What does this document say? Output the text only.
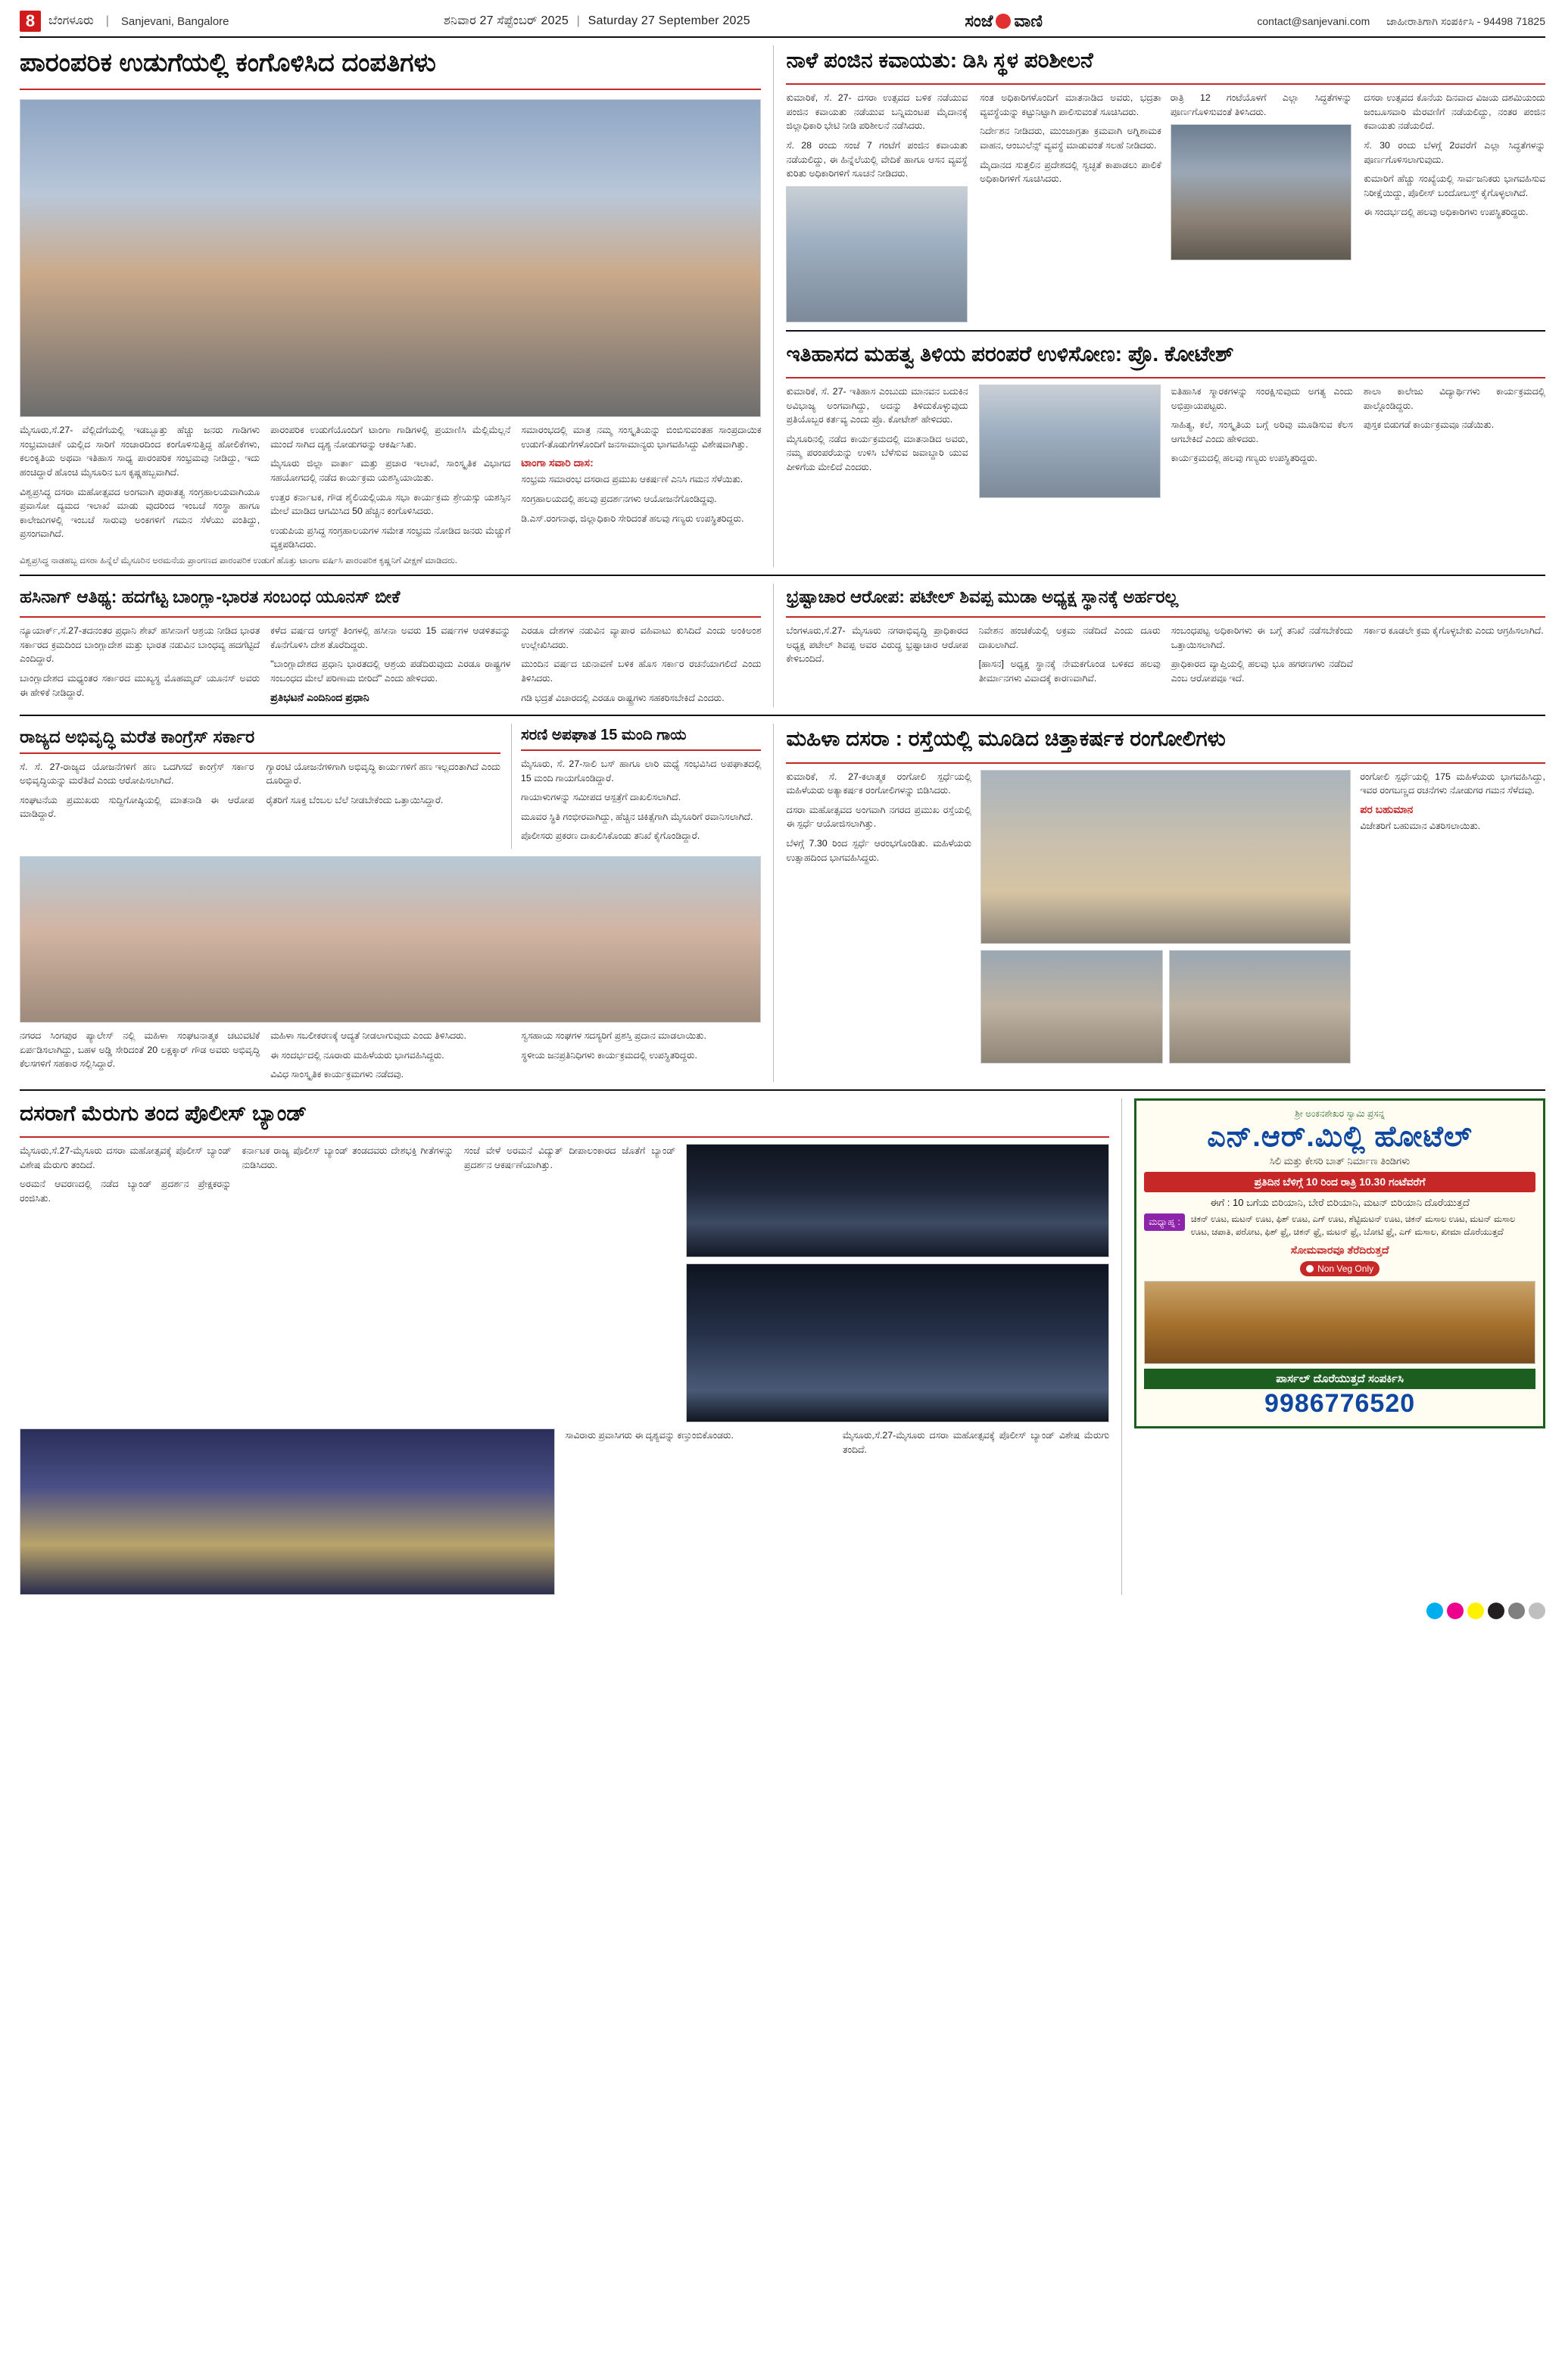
8	ಬೆಂಗಳೂರು | Sanjevani, Bangalore	ಶನಿವಾರ 27 ಸೆಪ್ಟೆಂಬರ್ 2025 | Saturday 27 September 2025	ಸಂಜೆ ವಾಣಿ	contact@sanjevani.com ಜಾಹೀರಾತಿಗಾಗಿ ಸಂಪರ್ಕಿಸಿ - 94498 71825
ಪಾರಂಪರಿಕ ಉಡುಗೆಯಲ್ಲಿ ಕಂಗೊಳಿಸಿದ ದಂಪತಿಗಳು

ಮೈಸೂರು,ಸೆ.27- ವೆಲ್ಲಿದೆಗೆಯಲ್ಲಿ ಇಡಬ್ಬೂತ್ತು ಹೆಚ್ಚು ಜನರು ಗಾಡಿಗಳು ಸಂಭ್ರಮಾಚಣೆ ಯಲ್ಲಿದ ಸಾರಿಗೆ ಸಂಚಾರದಿಂದ ಕಂಗೊಳಿಸುತ್ತಿದ್ದ ಹೋಲಿಕೆಗಳು, ಕಲಂಕೃತಿಯ ಅಥವಾ ಇತಿಹಾಸ ಸಾಧ್ಯ ಪಾರಂಪರಿಕ ಸಂಭ್ರಮವು ನೀಡಿದ್ದು, ಇದು ಹಂಚಿದ್ದಾರೆ ಹೊಂಚಿ ಮೈಸೂರಿನ ಬಸ ಕೃಷ್ಣಹಬ್ಬವಾಗಿದೆ.

ವಿಶ್ವಪ್ರಸಿದ್ಧ ದಸರಾ ಮಹೋತ್ಸವದ ಅಂಗವಾಗಿ ಪುರಾತತ್ವ ಸಂಗ್ರಹಾಲಯವಾಗಿಯೂ ಪ್ರವಾಸೋ ದ್ಯಮದ ಇಲಾಖೆ ಮಾಡು ವುದರಿಂದ ಇಂಬಚೆ ಸಂಸ್ಥಾ ಹಾಗೂ ಕಾಲೇಜುಗಳಲ್ಲಿ ಇಂಬಚೆ ಸಾರುವು ಅಂಕಗಳಿಗೆ ಗಮನ ಸೆಳೆಯು ವಂತಿದ್ದು, ಪ್ರಸಂಗವಾಗಿದೆ.

ಪಾರಂಪರಿಕ ಉಡುಗೆಯೊಂದಿಗೆ ಟಾಂಗಾ ಗಾಡಿಗಳಲ್ಲಿ ಪ್ರಯಾಣಿಸಿ ಮೆಲ್ಲಿಮೆಲ್ಲನೆ ಮುಂದೆ ಸಾಗಿದ ದೃಶ್ಯ ನೋಡುಗರನ್ನು ಆಕರ್ಷಿಸಿತು.

ಮೈಸೂರು ಜಿಲ್ಲಾ ವಾರ್ತಾ ಮತ್ತು ಪ್ರಚಾರ ಇಲಾಖೆ, ಸಾಂಸ್ಕೃತಿಕ ವಿಭಾಗದ ಸಹಯೋಗದಲ್ಲಿ ನಡೆದ ಕಾರ್ಯಕ್ರಮ ಯಶಸ್ವಿಯಾಯಿತು.

ಉತ್ತರ ಕರ್ನಾಟಕ, ಗೌಡ ಶೈಲಿಯಲ್ಲಿಯೂ ಸಭಾ ಕಾರ್ಯಕ್ರಮ ಶ್ರೇಯಸ್ಸು ಯಶಸ್ಸಿನ ಮೇಲೆ ಮಾಡಿದ ಆಗಮಿಸಿದ 50 ಹೆಚ್ಚಿನ ಕಂಗೊಳಿಸಿದರು.

ಉಡುಪಿಯ ಪ್ರಸಿದ್ಧ ಸಂಗ್ರಹಾಲಯಗಳ ಸಮೇತ ಸಂಭ್ರಮ ನೋಡಿದ ಜನರು ಮೆಚ್ಚುಗೆ ವ್ಯಕ್ತಪಡಿಸಿದರು.

ಸಮಾರಂಭದಲ್ಲಿ ಮಾತ್ರ ನಮ್ಮ ಸಂಸ್ಕೃತಿಯನ್ನು ಬಿಂಬಿಸುವಂತಹ ಸಾಂಪ್ರದಾಯಿಕ ಉಡುಗೆ-ತೊಡುಗೆಗಳೊಂದಿಗೆ ಜನಸಾಮಾನ್ಯರು ಭಾಗವಹಿಸಿದ್ದು ವಿಶೇಷವಾಗಿತ್ತು.

ಟಾಂಗಾ ಸವಾರಿ ದಾಸ:

ಸಂಭ್ರಮ ಸಮಾರಂಭ ದಸರಾದ ಪ್ರಮುಖ ಆಕರ್ಷಣೆ ಎನಿಸಿ ಗಮನ ಸೆಳೆಯಿತು.

ಸಂಗ್ರಹಾಲಯದಲ್ಲಿ ಹಲವು ಪ್ರದರ್ಶನಗಳು ಆಯೋಜನೆಗೊಂಡಿದ್ದವು.

ಡಿ.ಎಸ್.ರಂಗನಾಥ, ಜಿಲ್ಲಾಧಿಕಾರಿ ಸೇರಿದಂತೆ ಹಲವು ಗಣ್ಯರು ಉಪಸ್ಥಿತರಿದ್ದರು.

ವಿಶ್ವಪ್ರಸಿದ್ಧ ನಾಡಹಬ್ಬ ದಸರಾ ಹಿನ್ನೆಲೆ ಮೈಸೂರಿನ ಅರಮನೆಯ ಪ್ರಾಂಗಣದ ಪಾರಂಪರಿಕ ಉಡುಗೆ ಹೊತ್ತು ಟಾಂಗಾ ವರ್ಷಿಸಿ ಪಾರಂಪರಿಕ ಕೃಷ್ಣನಿಗೆ ವೀಕ್ಷಣೆ ಮಾಡಿದರು.
ನಾಳೆ ಪಂಜಿನ ಕವಾಯತು: ಡಿಸಿ ಸ್ಥಳ ಪರಿಶೀಲನೆ

ಕುಮಾರಿಕೆ, ಸೆ. 27- ದಸರಾ ಉತ್ಸವದ ಬಳಿಕ ನಡೆಯುವ ಪಂಜಿನ ಕವಾಯತು ನಡೆಯುವ ಬನ್ನಿಮಂಟಪ ಮೈದಾನಕ್ಕೆ ಜಿಲ್ಲಾಧಿಕಾರಿ ಭೇಟಿ ನೀಡಿ ಪರಿಶೀಲನೆ ನಡೆಸಿದರು.

ಸೆ. 28 ರಂದು ಸಂಜೆ 7 ಗಂಟೆಗೆ ಪಂಜಿನ ಕವಾಯತು ನಡೆಯಲಿದ್ದು, ಈ ಹಿನ್ನೆಲೆಯಲ್ಲಿ ವೇದಿಕೆ ಹಾಗೂ ಆಸನ ವ್ಯವಸ್ಥೆ ಕುರಿತು ಅಧಿಕಾರಿಗಳಿಗೆ ಸೂಚನೆ ನೀಡಿದರು.

ಸಂತ ಅಧಿಕಾರಿಗಳೊಂದಿಗೆ ಮಾತನಾಡಿದ ಅವರು, ಭದ್ರತಾ ವ್ಯವಸ್ಥೆಯನ್ನು ಕಟ್ಟುನಿಟ್ಟಾಗಿ ಪಾಲಿಸುವಂತೆ ಸೂಚಿಸಿದರು.

ನಿರ್ದೇಶನ ನೀಡಿದರು, ಮುಂಜಾಗ್ರತಾ ಕ್ರಮವಾಗಿ ಅಗ್ನಿಶಾಮಕ ವಾಹನ, ಆಂಬುಲೆನ್ಸ್ ವ್ಯವಸ್ಥೆ ಮಾಡುವಂತೆ ಸಲಹೆ ನೀಡಿದರು.

ಮೈದಾನದ ಸುತ್ತಲಿನ ಪ್ರದೇಶದಲ್ಲಿ ಸ್ವಚ್ಛತೆ ಕಾಪಾಡಲು ಪಾಲಿಕೆ ಅಧಿಕಾರಿಗಳಿಗೆ ಸೂಚಿಸಿದರು.

ರಾತ್ರಿ 12 ಗಂಟೆಯೊಳಗೆ ಎಲ್ಲಾ ಸಿದ್ಧತೆಗಳನ್ನು ಪೂರ್ಣಗೊಳಿಸುವಂತೆ ತಿಳಿಸಿದರು.

ದಸರಾ ಉತ್ಸವದ ಕೊನೆಯ ದಿನವಾದ ವಿಜಯ ದಶಮಿಯಂದು ಜಂಬೂಸವಾರಿ ಮೆರವಣಿಗೆ ನಡೆಯಲಿದ್ದು, ನಂತರ ಪಂಜಿನ ಕವಾಯತು ನಡೆಯಲಿದೆ.

ಸೆ. 30 ರಂದು ಬೆಳಗ್ಗೆ 2ರವರೆಗೆ ಎಲ್ಲಾ ಸಿದ್ಧತೆಗಳನ್ನು ಪೂರ್ಣಗೊಳಿಸಲಾಗುವುದು.

ಕುಮಾರಿಗೆ ಹೆಚ್ಚು ಸಂಖ್ಯೆಯಲ್ಲಿ ಸಾರ್ವಜನಿಕರು ಭಾಗವಹಿಸುವ ನಿರೀಕ್ಷೆಯಿದ್ದು, ಪೊಲೀಸ್ ಬಂದೋಬಸ್ತ್ ಕೈಗೊಳ್ಳಲಾಗಿದೆ.

ಈ ಸಂದರ್ಭದಲ್ಲಿ ಹಲವು ಅಧಿಕಾರಿಗಳು ಉಪಸ್ಥಿತರಿದ್ದರು.

ಇತಿಹಾಸದ ಮಹತ್ವ ತಿಳಿಯ ಪರಂಪರೆ ಉಳಿಸೋಣ: ಪ್ರೊ. ಕೋಟೇಶ್

ಕುಮಾರಿಕೆ, ಸೆ. 27- ಇತಿಹಾಸ ಎಂಬುದು ಮಾನವನ ಬದುಕಿನ ಅವಿಭಾಜ್ಯ ಅಂಗವಾಗಿದ್ದು, ಅದನ್ನು ತಿಳಿದುಕೊಳ್ಳುವುದು ಪ್ರತಿಯೊಬ್ಬರ ಕರ್ತವ್ಯ ಎಂದು ಪ್ರೊ. ಕೋಟೇಶ್ ಹೇಳಿದರು.

ಮೈಸೂರಿನಲ್ಲಿ ನಡೆದ ಕಾರ್ಯಕ್ರಮದಲ್ಲಿ ಮಾತನಾಡಿದ ಅವರು, ನಮ್ಮ ಪರಂಪರೆಯನ್ನು ಉಳಿಸಿ ಬೆಳೆಸುವ ಜವಾಬ್ದಾರಿ ಯುವ ಪೀಳಿಗೆಯ ಮೇಲಿದೆ ಎಂದರು.

ಐತಿಹಾಸಿಕ ಸ್ಮಾರಕಗಳನ್ನು ಸಂರಕ್ಷಿಸುವುದು ಅಗತ್ಯ ಎಂದು ಅಭಿಪ್ರಾಯಪಟ್ಟರು.

ಸಾಹಿತ್ಯ, ಕಲೆ, ಸಂಸ್ಕೃತಿಯ ಬಗ್ಗೆ ಅರಿವು ಮೂಡಿಸುವ ಕೆಲಸ ಆಗಬೇಕಿದೆ ಎಂದು ಹೇಳಿದರು.

ಕಾರ್ಯಕ್ರಮದಲ್ಲಿ ಹಲವು ಗಣ್ಯರು ಉಪಸ್ಥಿತರಿದ್ದರು.

ಶಾಲಾ ಕಾಲೇಜು ವಿದ್ಯಾರ್ಥಿಗಳು ಕಾರ್ಯಕ್ರಮದಲ್ಲಿ ಪಾಲ್ಗೊಂಡಿದ್ದರು.

ಪುಸ್ತಕ ಬಿಡುಗಡೆ ಕಾರ್ಯಕ್ರಮವೂ ನಡೆಯಿತು.

ಹಸಿನಾಗ್ ಆತಿಥ್ಯ: ಹದಗೆಟ್ಟ ಬಾಂಗ್ಲಾ-ಭಾರತ ಸಂಬಂಧ ಯೂನಸ್ ಬೀಕೆ

ನ್ಯೂಯಾರ್ಕ್,ಸೆ.27-ತದನಂತರ ಪ್ರಧಾನಿ ಶೇಖ್ ಹಸೀನಾಗೆ ಆಶ್ರಯ ನೀಡಿದ ಭಾರತ ಸರ್ಕಾರದ ಕ್ರಮದಿಂದ ಬಾಂಗ್ಲಾದೇಶ ಮತ್ತು ಭಾರತ ನಡುವಿನ ಬಾಂಧವ್ಯ ಹದಗೆಟ್ಟಿದೆ ಎಂದಿದ್ದಾರೆ.

ಬಾಂಗ್ಲಾದೇಶದ ಮಧ್ಯಂತರ ಸರ್ಕಾರದ ಮುಖ್ಯಸ್ಥ ಮೊಹಮ್ಮದ್ ಯೂನಸ್ ಅವರು ಈ ಹೇಳಿಕೆ ನೀಡಿದ್ದಾರೆ.

ಕಳೆದ ವರ್ಷದ ಆಗಸ್ಟ್ ತಿಂಗಳಲ್ಲಿ ಹಸೀನಾ ಅವರು 15 ವರ್ಷಗಳ ಆಡಳಿತವನ್ನು ಕೊನೆಗೊಳಿಸಿ ದೇಶ ತೊರೆದಿದ್ದರು.

"ಬಾಂಗ್ಲಾದೇಶದ ಪ್ರಧಾನಿ ಭಾರತದಲ್ಲಿ ಆಶ್ರಯ ಪಡೆದಿರುವುದು ಎರಡೂ ರಾಷ್ಟ್ರಗಳ ಸಂಬಂಧದ ಮೇಲೆ ಪರಿಣಾಮ ಬೀರಿದೆ" ಎಂದು ಹೇಳಿದರು.

ಪ್ರತಿಭಟನೆ ಎಂದಿನಿಂದ ಪ್ರಧಾನಿ

ಎರಡೂ ದೇಶಗಳ ನಡುವಿನ ವ್ಯಾಪಾರ ವಹಿವಾಟು ಕುಸಿದಿದೆ ಎಂದು ಅಂಕಿಅಂಶ ಉಲ್ಲೇಖಿಸಿದರು.

ಮುಂದಿನ ವರ್ಷದ ಚುನಾವಣೆ ಬಳಿಕ ಹೊಸ ಸರ್ಕಾರ ರಚನೆಯಾಗಲಿದೆ ಎಂದು ತಿಳಿಸಿದರು.

ಗಡಿ ಭದ್ರತೆ ವಿಚಾರದಲ್ಲಿ ಎರಡೂ ರಾಷ್ಟ್ರಗಳು ಸಹಕರಿಸಬೇಕಿದೆ ಎಂದರು.

ಭ್ರಷ್ಟಾಚಾರ ಆರೋಪ: ಪಟೇಲ್ ಶಿವಪ್ಪ ಮುಡಾ ಅಧ್ಯಕ್ಷ ಸ್ಥಾನಕ್ಕೆ ಅರ್ಹರಲ್ಲ

ಬೆಂಗಳೂರು,ಸೆ.27- ಮೈಸೂರು ನಗರಾಭಿವೃದ್ಧಿ ಪ್ರಾಧಿಕಾರದ ಅಧ್ಯಕ್ಷ ಪಟೇಲ್ ಶಿವಪ್ಪ ಅವರ ವಿರುದ್ಧ ಭ್ರಷ್ಟಾಚಾರ ಆರೋಪ ಕೇಳಿಬಂದಿದೆ.

ನಿವೇಶನ ಹಂಚಿಕೆಯಲ್ಲಿ ಅಕ್ರಮ ನಡೆದಿದೆ ಎಂದು ದೂರು ದಾಖಲಾಗಿದೆ.

[ಹಾಸನ] ಅಧ್ಯಕ್ಷ ಸ್ಥಾನಕ್ಕೆ ನೇಮಕಗೊಂಡ ಬಳಿಕದ ಹಲವು ತೀರ್ಮಾನಗಳು ವಿವಾದಕ್ಕೆ ಕಾರಣವಾಗಿವೆ.

ಸಂಬಂಧಪಟ್ಟ ಅಧಿಕಾರಿಗಳು ಈ ಬಗ್ಗೆ ತನಿಖೆ ನಡೆಸಬೇಕೆಂದು ಒತ್ತಾಯಿಸಲಾಗಿದೆ.

ಪ್ರಾಧಿಕಾರದ ವ್ಯಾಪ್ತಿಯಲ್ಲಿ ಹಲವು ಭೂ ಹಗರಣಗಳು ನಡೆದಿವೆ ಎಂಬ ಆರೋಪವೂ ಇದೆ.

ಸರ್ಕಾರ ಕೂಡಲೇ ಕ್ರಮ ಕೈಗೊಳ್ಳಬೇಕು ಎಂದು ಆಗ್ರಹಿಸಲಾಗಿದೆ.

ರಾಜ್ಯದ ಅಭಿವೃದ್ಧಿ ಮರೆತ ಕಾಂಗ್ರೆಸ್ ಸರ್ಕಾರ

ಸೆ. ಸೆ. 27-ರಾಜ್ಯದ ಯೋಜನೆಗಳಿಗೆ ಹಣ ಒದಗಿಸದೆ ಕಾಂಗ್ರೆಸ್ ಸರ್ಕಾರ ಅಭಿವೃದ್ಧಿಯನ್ನು ಮರೆತಿದೆ ಎಂದು ಆರೋಪಿಸಲಾಗಿದೆ.

ಸಂಘಟನೆಯ ಪ್ರಮುಖರು ಸುದ್ದಿಗೋಷ್ಠಿಯಲ್ಲಿ ಮಾತನಾಡಿ ಈ ಆರೋಪ ಮಾಡಿದ್ದಾರೆ.

ಗ್ಯಾರಂಟಿ ಯೋಜನೆಗಳಿಗಾಗಿ ಅಭಿವೃದ್ಧಿ ಕಾರ್ಯಗಳಿಗೆ ಹಣ ಇಲ್ಲದಂತಾಗಿದೆ ಎಂದು ದೂರಿದ್ದಾರೆ.

ರೈತರಿಗೆ ಸೂಕ್ತ ಬೆಂಬಲ ಬೆಲೆ ನೀಡಬೇಕೆಂದು ಒತ್ತಾಯಿಸಿದ್ದಾರೆ.

ಸರಣಿ ಅಪಘಾತ 15 ಮಂದಿ ಗಾಯ

ಮೈಸೂರು, ಸೆ. 27-ಸಾಲಿ ಬಸ್ ಹಾಗೂ ಲಾರಿ ಮಧ್ಯೆ ಸಂಭವಿಸಿದ ಅಪಘಾತದಲ್ಲಿ 15 ಮಂದಿ ಗಾಯಗೊಂಡಿದ್ದಾರೆ.

ಗಾಯಾಳುಗಳನ್ನು ಸಮೀಪದ ಆಸ್ಪತ್ರೆಗೆ ದಾಖಲಿಸಲಾಗಿದೆ.

ಮೂವರ ಸ್ಥಿತಿ ಗಂಭೀರವಾಗಿದ್ದು, ಹೆಚ್ಚಿನ ಚಿಕಿತ್ಸೆಗಾಗಿ ಮೈಸೂರಿಗೆ ರವಾನಿಸಲಾಗಿದೆ.

ಪೊಲೀಸರು ಪ್ರಕರಣ ದಾಖಲಿಸಿಕೊಂಡು ತನಿಖೆ ಕೈಗೊಂಡಿದ್ದಾರೆ.

ನಗರದ ಸಿಂಗಪುರ ಪ್ಯಾಲೇಸ್ ನಲ್ಲಿ ಮಹಿಳಾ ಸಂಘಟನಾತ್ಮಕ ಚಟುವಟಿಕೆ ಏರ್ಪಡಿಸಲಾಗಿದ್ದು, ಬಹಳ ಅಡ್ಡಿ ಸೇರಿದಂತೆ 20 ಲಕ್ಷಕ್ಕಾರ್ ಗೌಡ ಅವರು ಅಭಿವೃದ್ಧಿ ಕೆಲಸಗಳಿಗೆ ಸಹಕಾರ ಸಲ್ಲಿಸಿದ್ದಾರೆ.

ಮಹಿಳಾ ಸಬಲೀಕರಣಕ್ಕೆ ಆದ್ಯತೆ ನೀಡಲಾಗುವುದು ಎಂದು ತಿಳಿಸಿದರು.

ಈ ಸಂದರ್ಭದಲ್ಲಿ ನೂರಾರು ಮಹಿಳೆಯರು ಭಾಗವಹಿಸಿದ್ದರು.

ವಿವಿಧ ಸಾಂಸ್ಕೃತಿಕ ಕಾರ್ಯಕ್ರಮಗಳು ನಡೆದವು.

ಸ್ವಸಹಾಯ ಸಂಘಗಳ ಸದಸ್ಯರಿಗೆ ಪ್ರಶಸ್ತಿ ಪ್ರದಾನ ಮಾಡಲಾಯಿತು.

ಸ್ಥಳೀಯ ಜನಪ್ರತಿನಿಧಿಗಳು ಕಾರ್ಯಕ್ರಮದಲ್ಲಿ ಉಪಸ್ಥಿತರಿದ್ದರು.

ಮಹಿಳಾ ದಸರಾ : ರಸ್ತೆಯಲ್ಲಿ ಮೂಡಿದ ಚಿತ್ತಾಕರ್ಷಕ ರಂಗೋಲಿಗಳು

ಕುಮಾರಿಕೆ, ಸೆ. 27-ಕಲಾತ್ಮಕ ರಂಗೋಲಿ ಸ್ಪರ್ಧೆಯಲ್ಲಿ ಮಹಿಳೆಯರು ಅತ್ಯಾಕರ್ಷಕ ರಂಗೋಲಿಗಳನ್ನು ಬಿಡಿಸಿದರು.

ದಸರಾ ಮಹೋತ್ಸವದ ಅಂಗವಾಗಿ ನಗರದ ಪ್ರಮುಖ ರಸ್ತೆಯಲ್ಲಿ ಈ ಸ್ಪರ್ಧೆ ಆಯೋಜಿಸಲಾಗಿತ್ತು.

ಬೆಳಗ್ಗೆ 7.30 ರಿಂದ ಸ್ಪರ್ಧೆ ಆರಂಭಗೊಂಡಿತು. ಮಹಿಳೆಯರು ಉತ್ಸಾಹದಿಂದ ಭಾಗವಹಿಸಿದ್ದರು.

ರಂಗೋಲಿ ಸ್ಪರ್ಧೆಯಲ್ಲಿ 175 ಮಹಿಳೆಯರು ಭಾಗವಹಿಸಿದ್ದು, ಇವರ ರಂಗಬಣ್ಣದ ರಚನೆಗಳು ನೋಡುಗರ ಗಮನ ಸೆಳೆದವು.

ಪರ ಬಹುಮಾನ

ವಿಜೇತರಿಗೆ ಬಹುಮಾನ ವಿತರಿಸಲಾಯಿತು.

ದಸರಾಗೆ ಮೆರುಗು ತಂದ ಪೊಲೀಸ್ ಬ್ಯಾಂಡ್

ಮೈಸೂರು,ಸೆ.27-ಮೈಸೂರು ದಸರಾ ಮಹೋತ್ಸವಕ್ಕೆ ಪೊಲೀಸ್ ಬ್ಯಾಂಡ್ ವಿಶೇಷ ಮೆರುಗು ತಂದಿದೆ.

ಅರಮನೆ ಆವರಣದಲ್ಲಿ ನಡೆದ ಬ್ಯಾಂಡ್ ಪ್ರದರ್ಶನ ಪ್ರೇಕ್ಷಕರನ್ನು ರಂಜಿಸಿತು.

ಕರ್ನಾಟಕ ರಾಜ್ಯ ಪೊಲೀಸ್ ಬ್ಯಾಂಡ್ ತಂಡದವರು ದೇಶಭಕ್ತಿ ಗೀತೆಗಳನ್ನು ನುಡಿಸಿದರು.

ಸಂಜೆ ವೇಳೆ ಅರಮನೆ ವಿದ್ಯುತ್ ದೀಪಾಲಂಕಾರದ ಜೊತೆಗೆ ಬ್ಯಾಂಡ್ ಪ್ರದರ್ಶನ ಆಕರ್ಷಣೆಯಾಗಿತ್ತು.

ಸಾವಿರಾರು ಪ್ರವಾಸಿಗರು ಈ ದೃಶ್ಯವನ್ನು ಕಣ್ತುಂಬಿಕೊಂಡರು.	ಮೈಸೂರು,ಸೆ.27-ಮೈಸೂರು ದಸರಾ ಮಹೋತ್ಸವಕ್ಕೆ ಪೊಲೀಸ್ ಬ್ಯಾಂಡ್ ವಿಶೇಷ ಮೆರುಗು ತಂದಿದೆ.

ಶ್ರೀ ಅಂಕನಶೇಖರ ಸ್ವಾಮಿ ಪ್ರಸನ್ನ
ಎನ್.ಆರ್.ಮಿಲ್ಲಿ ಹೋಟೆಲ್
ಸಿಲಿ ಮತ್ತು ಕೇಸರಿ ಬಾತ್ ನಿರ್ಮಾಣ ತಿಂಡಿಗಳು
ಪ್ರತಿದಿನ ಬೆಳಿಗ್ಗೆ 10 ರಿಂದ ರಾತ್ರಿ 10.30 ಗಂಟೆವರೆಗೆ
ಈಗೆ : 10 ಬಗೆಯ ಬಿರಿಯಾನಿ, ಬೇರೆ ಬಿರಿಯಾನಿ, ಮಟನ್ ಬಿರಿಯಾನಿ ದೊರೆಯುತ್ತದೆ
ಮಧ್ಯಾಹ್ನ :	ಚಿಕನ್ ಊಟ, ಮಟನ್ ಊಟ, ಫಿಶ್ ಊಟ, ಎಗ್ ಊಟ, ಶೆಟ್ಟಿಮಟನ್ ಊಟ, ಚಿಕನ್ ಮಸಾಲ ಊಟ, ಮಟನ್ ಮಸಾಲ ಊಟ, ಚಪಾತಿ, ಪರೋಟ, ಫಿಶ್ ಫ್ರೈ, ಚಿಕನ್ ಫ್ರೈ, ಮಟನ್ ಫ್ರೈ, ಬೋಟಿ ಫ್ರೈ, ಎಗ್ ಮಸಾಲ, ಖೀಮಾ ದೊರೆಯುತ್ತದೆ
ಸೋಮವಾರವೂ ತೆರೆದಿರುತ್ತದೆ
Non Veg Only
ಪಾರ್ಸಲ್ ದೊರೆಯುತ್ತದೆ ಸಂಪರ್ಕಿಸಿ
9986776520
